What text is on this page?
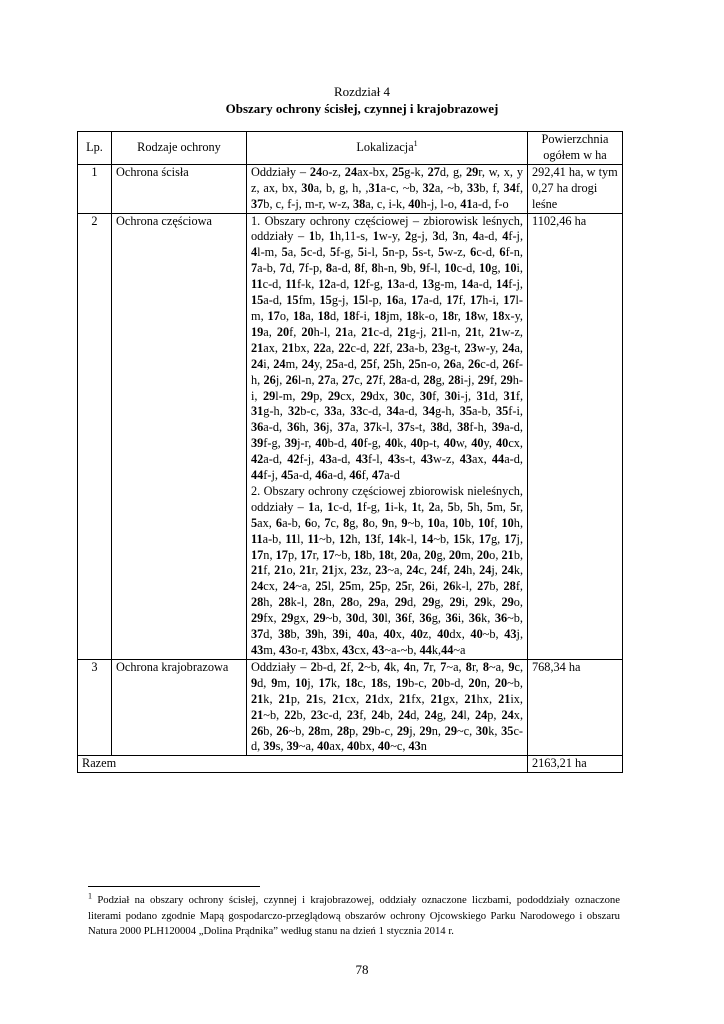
Rozdział 4
Obszary ochrony ścisłej, czynnej i krajobrazowej
Lp.	Rodzaje ochrony	Lokalizacja$^1$	Powierzchnia ogółem w ha
1	Ochrona ścisła	Oddziały – 24o-z, 24ax-bx, 25g-k, 27d, g, 29r, w, x, y z, ax, bx, 30a, b, g, h, ,31a-c, ~b, 32a, ~b, 33b, f, 34f, 37b, c, f-j, m-r, w-z, 38a, c, i-k, 40h-j, l-o, 41a-d, f-o	292,41 ha, w tym 0,27 ha drogi leśne
2	Ochrona częściowa	1. Obszary ochrony częściowej – zbiorowisk leśnych, oddziały – 1b, 1h,11-s, 1w-y, 2g-j, 3d, 3n, 4a-d, 4f-j, 4l-m, 5a, 5c-d, 5f-g, 5i-l, 5n-p, 5s-t, 5w-z, 6c-d, 6f-n, 7a-b, 7d, 7f-p, 8a-d, 8f, 8h-n, 9b, 9f-l, 10c-d, 10g, 10i, 11c-d, 11f-k, 12a-d, 12f-g, 13a-d, 13g-m, 14a-d, 14f-j, 15a-d, 15fm, 15g-j, 15l-p, 16a, 17a-d, 17f, 17h-i, 17l-m, 17o, 18a, 18d, 18f-i, 18jm, 18k-o, 18r, 18w, 18x-y, 19a, 20f, 20h-l, 21a, 21c-d, 21g-j, 21l-n, 21t, 21w-z, 21ax, 21bx, 22a, 22c-d, 22f, 23a-b, 23g-t, 23w-y, 24a, 24i, 24m, 24y, 25a-d, 25f, 25h, 25n-o, 26a, 26c-d, 26f-h, 26j, 26l-n, 27a, 27c, 27f, 28a-d, 28g, 28i-j, 29f, 29h-i, 29l-m, 29p, 29cx, 29dx, 30c, 30f, 30i-j, 31d, 31f, 31g-h, 32b-c, 33a, 33c-d, 34a-d, 34g-h, 35a-b, 35f-i, 36a-d, 36h, 36j, 37a, 37k-l, 37s-t, 38d, 38f-h, 39a-d, 39f-g, 39j-r, 40b-d, 40f-g, 40k, 40p-t, 40w, 40y, 40cx, 42a-d, 42f-j, 43a-d, 43f-l, 43s-t, 43w-z, 43ax, 44a-d, 44f-j, 45a-d, 46a-d, 46f, 47a-d
2. Obszary ochrony częściowej zbiorowisk nieleśnych, oddziały – 1a, 1c-d, 1f-g, 1i-k, 1t, 2a, 5b, 5h, 5m, 5r, 5ax, 6a-b, 6o, 7c, 8g, 8o, 9n, 9~b, 10a, 10b, 10f, 10h, 11a-b, 11l, 11~b, 12h, 13f, 14k-l, 14~b, 15k, 17g, 17j, 17n, 17p, 17r, 17~b, 18b, 18t, 20a, 20g, 20m, 20o, 21b, 21f, 21o, 21r, 21jx, 23z, 23~a, 24c, 24f, 24h, 24j, 24k, 24cx, 24~a, 25l, 25m, 25p, 25r, 26i, 26k-l, 27b, 28f, 28h, 28k-l, 28n, 28o, 29a, 29d, 29g, 29i, 29k, 29o, 29fx, 29gx, 29~b, 30d, 30l, 36f, 36g, 36i, 36k, 36~b, 37d, 38b, 39h, 39i, 40a, 40x, 40z, 40dx, 40~b, 43j, 43m, 43o-r, 43bx, 43cx, 43~a-~b, 44k,44~a	1102,46 ha
3	Ochrona krajobrazowa	Oddziały – 2b-d, 2f, 2~b, 4k, 4n, 7r, 7~a, 8r, 8~a, 9c, 9d, 9m, 10j, 17k, 18c, 18s, 19b-c, 20b-d, 20n, 20~b, 21k, 21p, 21s, 21cx, 21dx, 21fx, 21gx, 21hx, 21ix, 21~b, 22b, 23c-d, 23f, 24b, 24d, 24g, 24l, 24p, 24x, 26b, 26~b, 28m, 28p, 29b-c, 29j, 29n, 29~c, 30k, 35c-d, 39s, 39~a, 40ax, 40bx, 40~c, 43n	768,34 ha
Razem			2163,21 ha
$^1$ Podział na obszary ochrony ścisłej, czynnej i krajobrazowej, oddziały oznaczone liczbami, pododdziały oznaczone literami podano zgodnie Mapą gospodarczo-przeglądową obszarów ochrony Ojcowskiego Parku Narodowego i obszaru Natura 2000 PLH120004 „Dolina Prądnika” według stanu na dzień 1 stycznia 2014 r.
78
